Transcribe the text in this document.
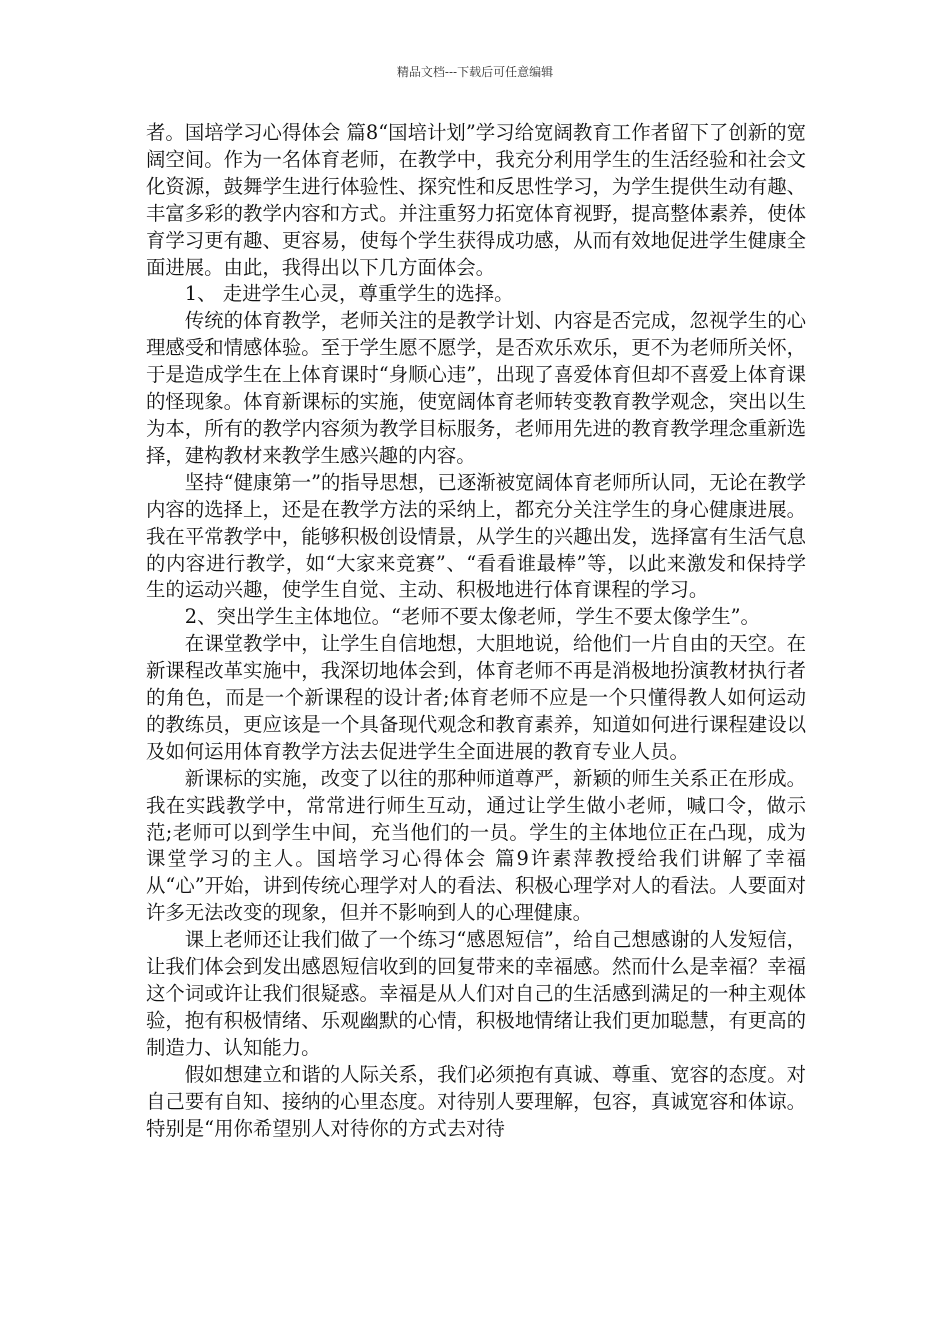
精品文档---下载后可任意编辑

者。国培学习心得体会 篇8“国培计划”学习给宽阔教育工作者留下了创新的宽阔空间。作为一名体育老师，在教学中，我充分利用学生的生活经验和社会文化资源，鼓舞学生进行体验性、探究性和反思性学习，为学生提供生动有趣、丰富多彩的教学内容和方式。并注重努力拓宽体育视野，提高整体素养，使体育学习更有趣、更容易，使每个学生获得成功感，从而有效地促进学生健康全面进展。由此，我得出以下几方面体会。

1、 走进学生心灵，尊重学生的选择。

传统的体育教学，老师关注的是教学计划、内容是否完成，忽视学生的心理感受和情感体验。至于学生愿不愿学，是否欢乐欢乐，更不为老师所关怀，于是造成学生在上体育课时“身顺心违”，出现了喜爱体育但却不喜爱上体育课的怪现象。体育新课标的实施，使宽阔体育老师转变教育教学观念，突出以生为本，所有的教学内容须为教学目标服务，老师用先进的教育教学理念重新选择，建构教材来教学生感兴趣的内容。

坚持“健康第一”的指导思想，已逐渐被宽阔体育老师所认同，无论在教学内容的选择上，还是在教学方法的采纳上，都充分关注学生的身心健康进展。我在平常教学中，能够积极创设情景，从学生的兴趣出发，选择富有生活气息的内容进行教学，如“大家来竞赛”、“看看谁最棒”等，以此来激发和保持学生的运动兴趣，使学生自觉、主动、积极地进行体育课程的学习。

2、突出学生主体地位。“老师不要太像老师，学生不要太像学生”。

在课堂教学中，让学生自信地想，大胆地说，给他们一片自由的天空。在新课程改革实施中，我深切地体会到，体育老师不再是消极地扮演教材执行者的角色，而是一个新课程的设计者;体育老师不应是一个只懂得教人如何运动的教练员，更应该是一个具备现代观念和教育素养，知道如何进行课程建设以及如何运用体育教学方法去促进学生全面进展的教育专业人员。

新课标的实施，改变了以往的那种师道尊严，新颖的师生关系正在形成。我在实践教学中，常常进行师生互动，通过让学生做小老师，喊口令，做示范;老师可以到学生中间，充当他们的一员。学生的主体地位正在凸现，成为课堂学习的主人。国培学习心得体会 篇9许素萍教授给我们讲解了幸福从“心”开始，讲到传统心理学对人的看法、积极心理学对人的看法。人要面对许多无法改变的现象，但并不影响到人的心理健康。

课上老师还让我们做了一个练习“感恩短信”，给自己想感谢的人发短信，让我们体会到发出感恩短信收到的回复带来的幸福感。然而什么是幸福？幸福这个词或许让我们很疑惑。幸福是从人们对自己的生活感到满足的一种主观体验，抱有积极情绪、乐观幽默的心情，积极地情绪让我们更加聪慧，有更高的制造力、认知能力。

假如想建立和谐的人际关系，我们必须抱有真诚、尊重、宽容的态度。对自己要有自知、接纳的心里态度。对待别人要理解，包容，真诚宽容和体谅。特别是“用你希望别人对待你的方式去对待
